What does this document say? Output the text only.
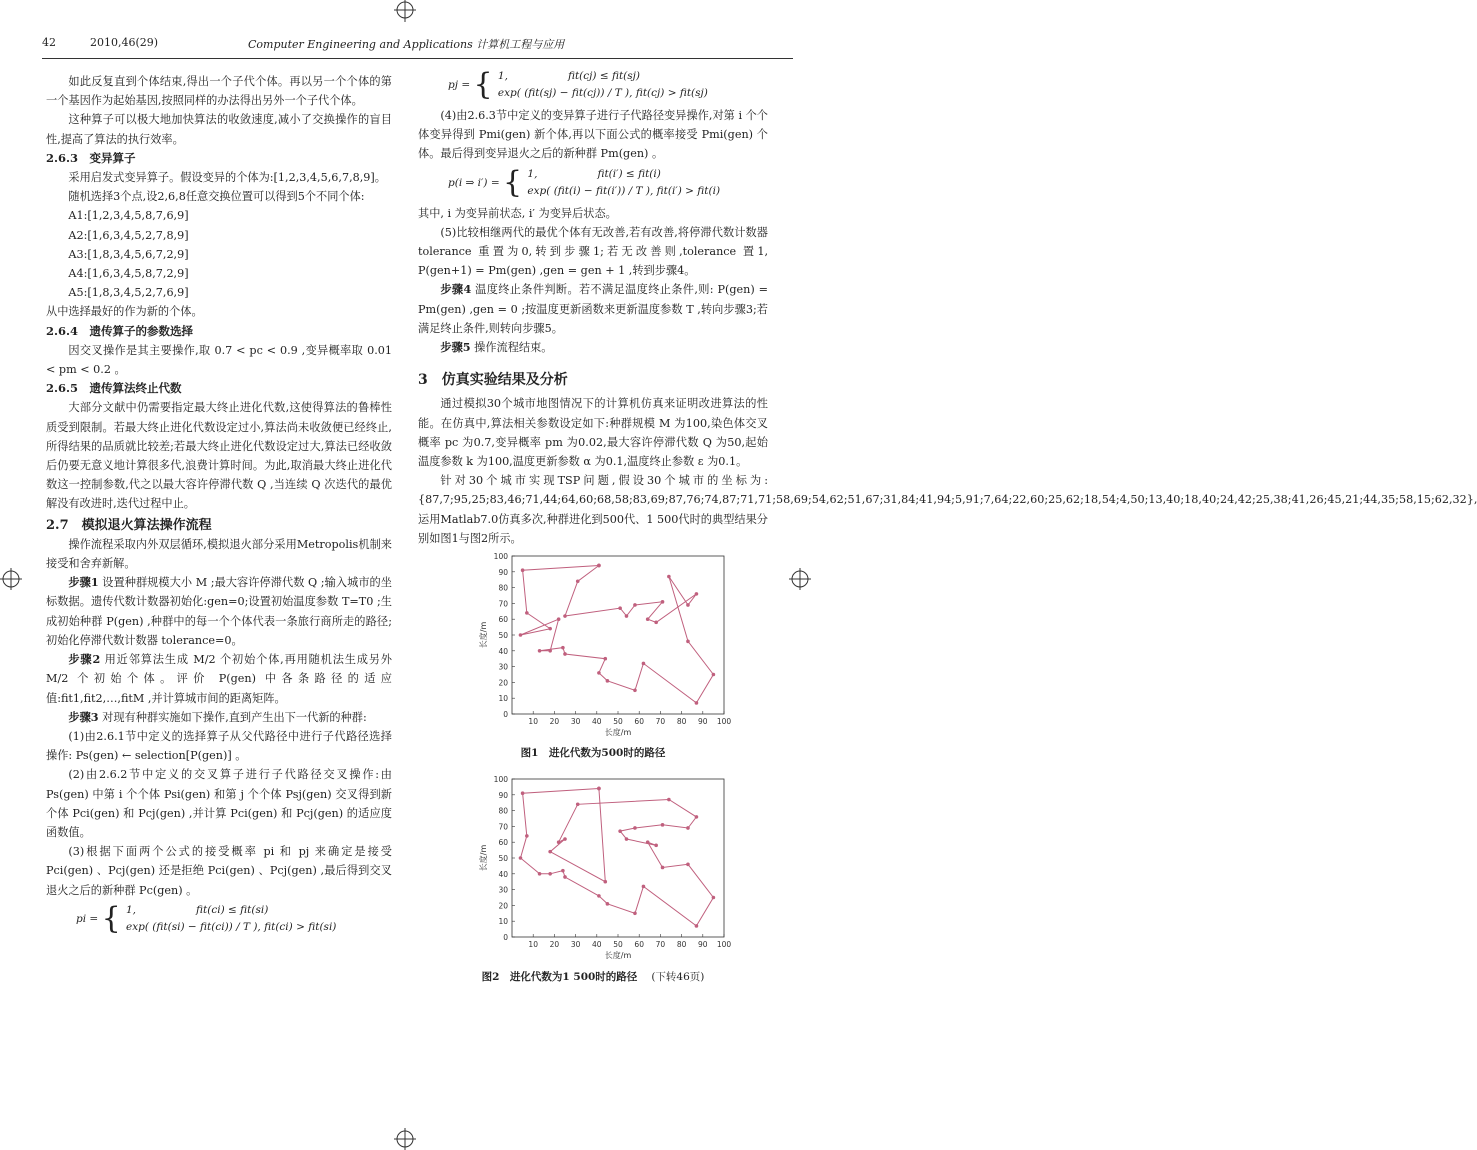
42	2010,46(29)	Computer Engineering and Applications 计算机工程与应用

如此反复直到个体结束,得出一个子代个体。再以另一个个体的第一个基因作为起始基因,按照同样的办法得出另外一个子代个体。

这种算子可以极大地加快算法的收敛速度,减小了交换操作的盲目性,提高了算法的执行效率。

2.6.3　变异算子

采用启发式变异算子。假设变异的个体为:[1,2,3,4,5,6,7,8,9]。

随机选择3个点,设2,6,8任意交换位置可以得到5个不同个体:

A1:[1,2,3,4,5,8,7,6,9]

A2:[1,6,3,4,5,2,7,8,9]

A3:[1,8,3,4,5,6,7,2,9]

A4:[1,6,3,4,5,8,7,2,9]

A5:[1,8,3,4,5,2,7,6,9]

从中选择最好的作为新的个体。

2.6.4　遗传算子的参数选择

因交叉操作是其主要操作,取 0.7 < pc < 0.9 ,变异概率取 0.01 < pm < 0.2 。

2.6.5　遗传算法终止代数

大部分文献中仍需要指定最大终止进化代数,这使得算法的鲁棒性质受到限制。若最大终止进化代数设定过小,算法尚未收敛便已经终止,所得结果的品质就比较差;若最大终止进化代数设定过大,算法已经收敛后仍要无意义地计算很多代,浪费计算时间。为此,取消最大终止进化代数这一控制参数,代之以最大容许停滞代数 Q ,当连续 Q 次迭代的最优解没有改进时,迭代过程中止。

2.7　模拟退火算法操作流程

操作流程采取内外双层循环,模拟退火部分采用Metropolis机制来接受和舍弃新解。

步骤1 设置种群规模大小 M ;最大容许停滞代数 Q ;输入城市的坐标数据。遗传代数计数器初始化:gen=0;设置初始温度参数 T=T0 ;生成初始种群 P(gen) ,种群中的每一个个体代表一条旅行商所走的路径;初始化停滞代数计数器 tolerance=0。

步骤2 用近邻算法生成 M/2 个初始个体,再用随机法生成另外 M/2 个初始个体。评价 P(gen) 中各条路径的适应值:fit1,fit2,…,fitM ,并计算城市间的距离矩阵。

步骤3 对现有种群实施如下操作,直到产生出下一代新的种群:

(1)由2.6.1节中定义的选择算子从父代路径中进行子代路径选择操作: Ps(gen) ← selection[P(gen)] 。

(2)由2.6.2节中定义的交叉算子进行子代路径交叉操作:由 Ps(gen) 中第 i 个个体 Psi(gen) 和第 j 个个体 Psj(gen) 交叉得到新个体 Pci(gen) 和 Pcj(gen) ,并计算 Pci(gen) 和 Pcj(gen) 的适应度函数值。

(3)根据下面两个公式的接受概率 pi 和 pj 来确定是接受 Pci(gen) 、Pcj(gen) 还是拒绝 Pci(gen) 、Pcj(gen) ,最后得到交叉退火之后的新种群 Pc(gen) 。

pi = { 1,	fit(ci) ≤ fit(si)
exp( (fit(si) − fit(ci)) / T ), fit(ci) > fit(si)
pj = { 1,	fit(cj) ≤ fit(sj)
exp( (fit(sj) − fit(cj)) / T ), fit(cj) > fit(sj)

(4)由2.6.3节中定义的变异算子进行子代路径变异操作,对第 i 个个体变异得到 Pmi(gen) 新个体,再以下面公式的概率接受 Pmi(gen) 个体。最后得到变异退火之后的新种群 Pm(gen) 。

p(i ⇒ i′) = { 1,	fit(i′) ≤ fit(i)
exp( (fit(i) − fit(i′)) / T ), fit(i′) > fit(i)

其中, i 为变异前状态, i′ 为变异后状态。

(5)比较相继两代的最优个体有无改善,若有改善,将停滞代数计数器 tolerance 重置为0,转到步骤1;若无改善则,tolerance 置1, P(gen+1) = Pm(gen) ,gen = gen + 1 ,转到步骤4。

步骤4 温度终止条件判断。若不满足温度终止条件,则: P(gen) = Pm(gen) ,gen = 0 ;按温度更新函数来更新温度参数 T ,转向步骤3;若满足终止条件,则转向步骤5。

步骤5 操作流程结束。

3　仿真实验结果及分析

通过模拟30个城市地图情况下的计算机仿真来证明改进算法的性能。在仿真中,算法相关参数设定如下:种群规模 M 为100,染色体交叉概率 pc 为0.7,变异概率 pm 为0.02,最大容许停滞代数 Q 为50,起始温度参数 k 为100,温度更新参数 α 为0.1,温度终止参数 ε 为0.1。

针对30个城市实现TSP问题,假设30个城市的坐标为:{87,7;95,25;83,46;71,44;64,60;68,58;83,69;87,76;74,87;71,71;58,69;54,62;51,67;31,84;41,94;5,91;7,64;22,60;25,62;18,54;4,50;13,40;18,40;24,42;25,38;41,26;45,21;44,35;58,15;62,32},运用Matlab7.0仿真多次,种群进化到500代、1 500代时的典型结果分别如图1与图2所示。

0
10
20
30
40
50
60
70
80
90
100
10 20 30 40 50 60 70 80 90 100
长度/m
长度/m
图1　进化代数为500时的路径
0
10
20
30
40
50
60
70
80
90
100
10 20 30 40 50 60 70 80 90 100
长度/m
长度/m
图2　进化代数为1 500时的路径 (下转46页)
